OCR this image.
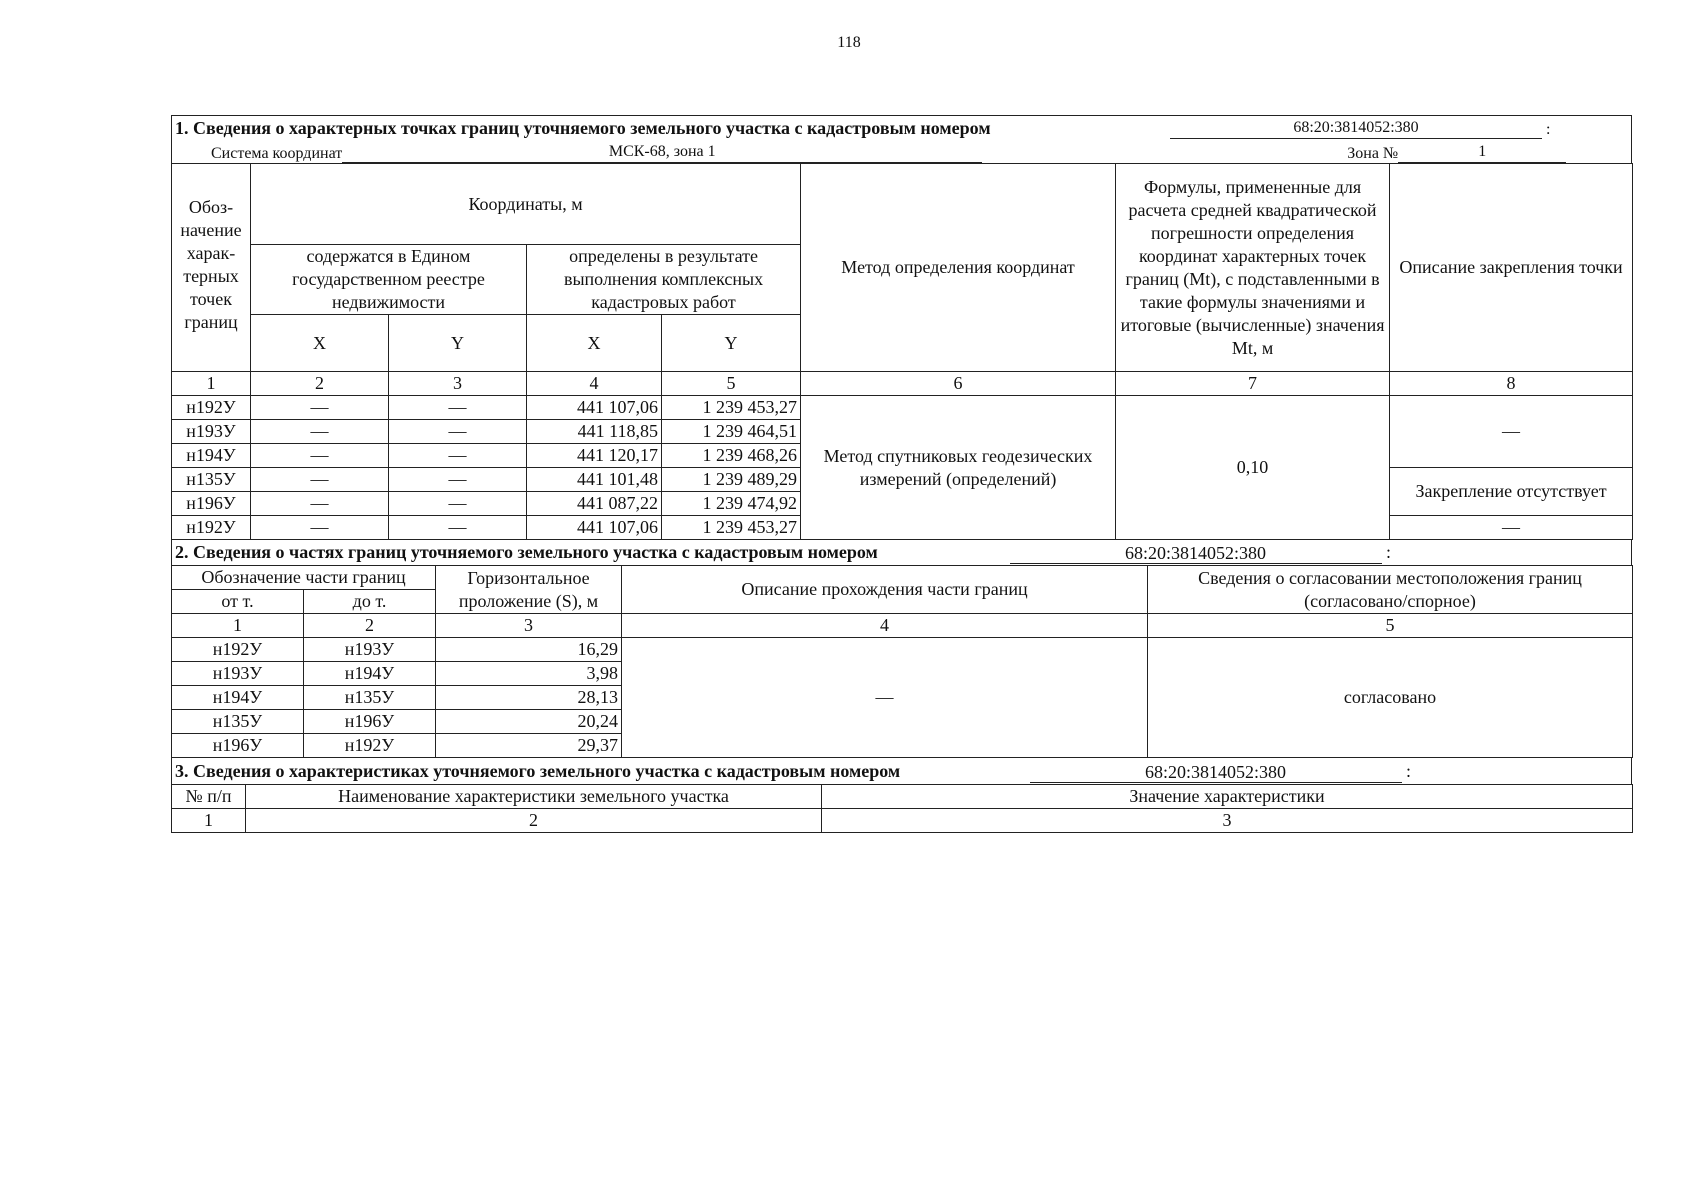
118
1. Сведения о характерных точках границ уточняемого земельного участка с кадастровым номером	68:20:3814052:380	:
Система координат	МСК-68, зона 1	Зона №	1
Обоз-начение харак-терных точек границ	Координаты, м				Метод определения координат	Формулы, примененные для расчета средней квадратической погрешности определения координат характерных точек границ (Mt), с подставленными в такие формулы значениями и итоговые (вычисленные) значения Mt, м	Описание закрепления точки
	содержатся в Едином государственном реестре недвижимости		определены в результате выполнения комплексных кадастровых работ				
	X	Y	X	Y			
1	2	3	4	5	6	7	8
н192У	—	—	441 107,06	1 239 453,27	Метод спутниковых геодезических измерений (определений)	0,10	—
н193У	—	—	441 118,85	1 239 464,51			
н194У	—	—	441 120,17	1 239 468,26			
н135У	—	—	441 101,48	1 239 489,29			Закрепление отсутствует
н196У	—	—	441 087,22	1 239 474,92			
н192У	—	—	441 107,06	1 239 453,27			—
2. Сведения о частях границ уточняемого земельного участка с кадастровым номером	68:20:3814052:380	:
Обозначение части границ		Горизонтальное проложение (S), м	Описание прохождения части границ	Сведения о согласовании местоположения границ (согласовано/спорное)
от т.	до т.			
1	2	3	4	5
н192У	н193У	16,29	—	согласовано
н193У	н194У	3,98		
н194У	н135У	28,13		
н135У	н196У	20,24		
н196У	н192У	29,37		
3. Сведения о характеристиках уточняемого земельного участка с кадастровым номером	68:20:3814052:380	:
№ п/п	Наименование характеристики земельного участка	Значение характеристики
1	2	3
